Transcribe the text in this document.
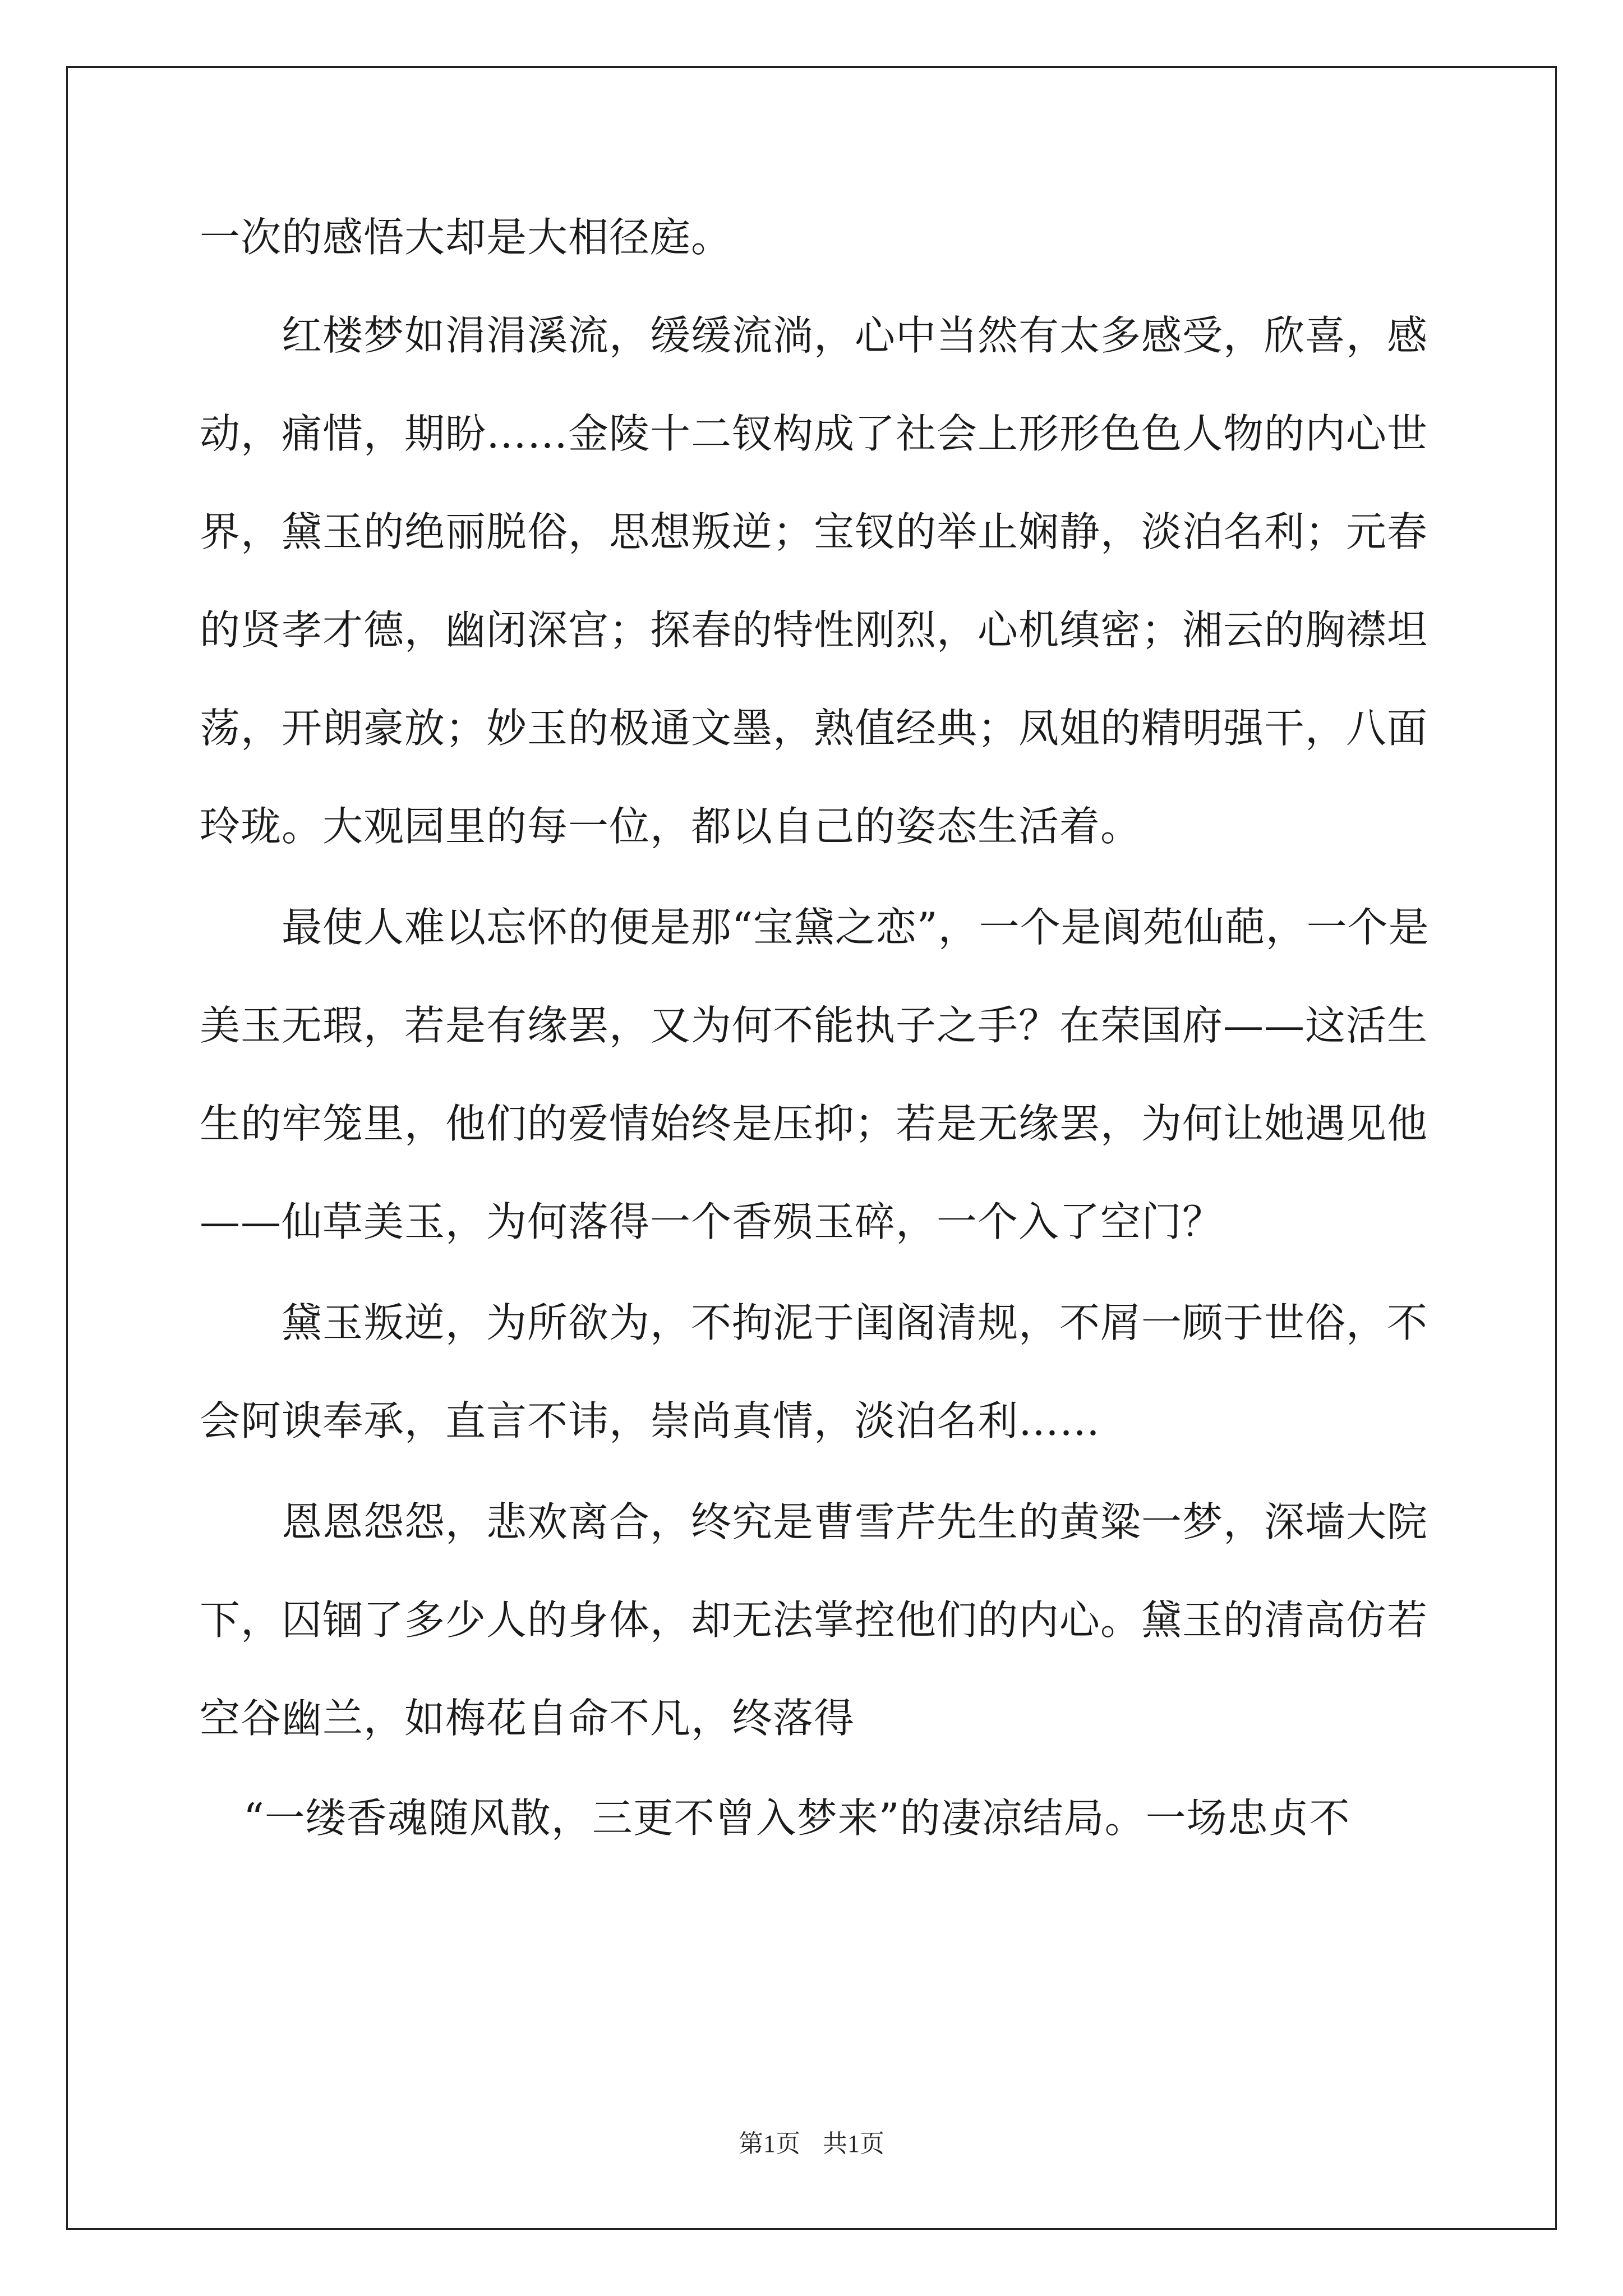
一次的感悟大却是大相径庭。
红楼梦如涓涓溪流，缓缓流淌，心中当然有太多感受，欣喜，感
动，痛惜，期盼……金陵十二钗构成了社会上形形色色人物的内心世
界，黛玉的绝丽脱俗，思想叛逆；宝钗的举止娴静，淡泊名利；元春
的贤孝才德，幽闭深宫；探春的特性刚烈，心机缜密；湘云的胸襟坦
荡，开朗豪放；妙玉的极通文墨，熟值经典；凤姐的精明强干，八面
玲珑。大观园里的每一位，都以自己的姿态生活着。
最使人难以忘怀的便是那“宝黛之恋”，一个是阆苑仙葩，一个是
美玉无瑕，若是有缘罢，又为何不能执子之手？在荣国府——这活生
生的牢笼里，他们的爱情始终是压抑；若是无缘罢，为何让她遇见他
——仙草美玉，为何落得一个香殒玉碎，一个入了空门？
黛玉叛逆，为所欲为，不拘泥于闺阁清规，不屑一顾于世俗，不
会阿谀奉承，直言不讳，崇尚真情，淡泊名利……
恩恩怨怨，悲欢离合，终究是曹雪芹先生的黄粱一梦，深墙大院
下，囚锢了多少人的身体，却无法掌控他们的内心。黛玉的清高仿若
空谷幽兰，如梅花自命不凡，终落得
“一缕香魂随风散，三更不曾入梦来”的凄凉结局。一场忠贞不
第1页 共1页
